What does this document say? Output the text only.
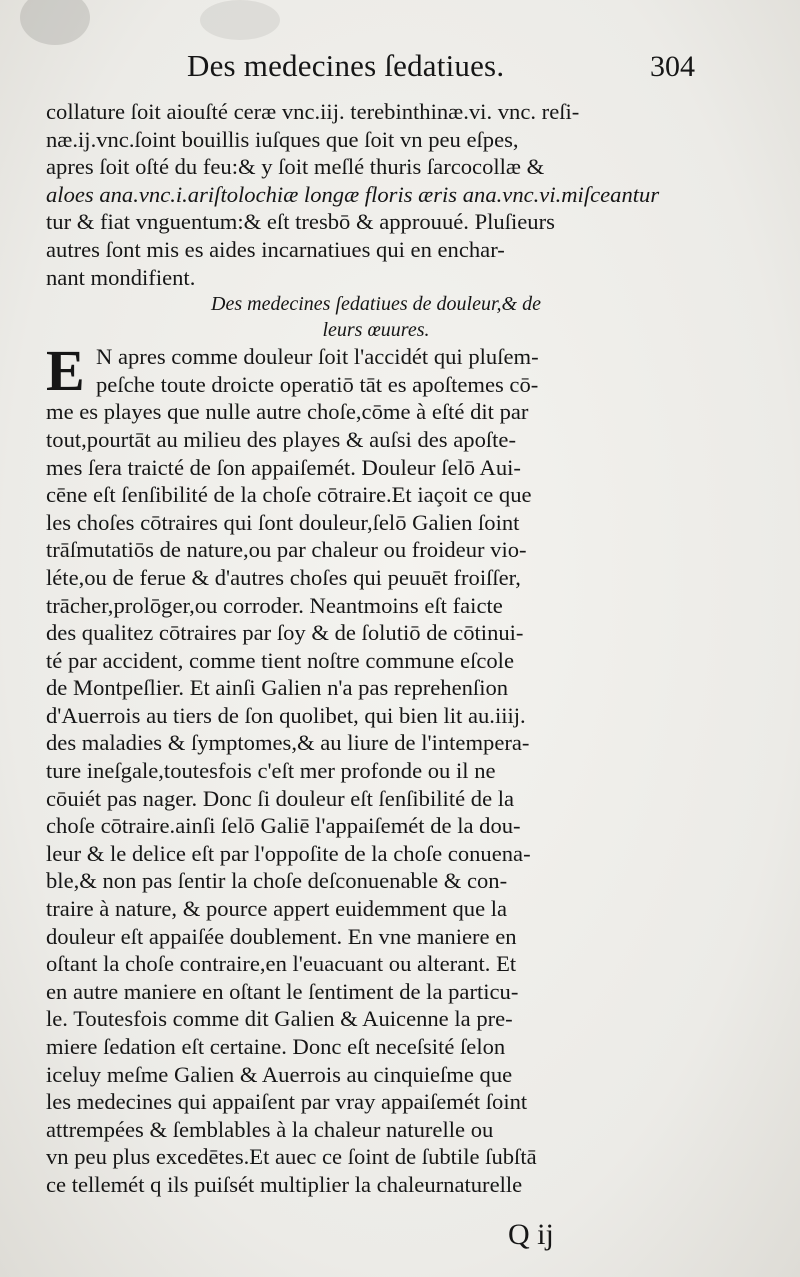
Des medecines ſedatiues.	304
collature ſoit aiouſté ceræ vnc.iij. terebinthinæ.vi. vnc. reſi-
næ.ij.vnc.ſoint bouillis iuſques que ſoit vn peu eſpes,
apres ſoit oſté du feu:& y ſoit meſlé thuris ſarcocollæ &
aloes ana.vnc.i.ariſtolochiæ longæ floris æris ana.vnc.vi.miſceantur
tur & fiat vnguentum:& eſt tresbō & approuué. Pluſieurs
autres ſont mis es aides incarnatiues qui en enchar-
nant mondifient.
Des medecines ſedatiues de douleur,& de
leurs œuures.
E N apres comme douleur ſoit l'accidét qui pluſem-
peſche toute droicte operatiō tāt es apoſtemes cō-
me es playes que nulle autre choſe,cōme à eſté dit par
tout,pourtāt au milieu des playes & auſsi des apoſte-
mes ſera traicté de ſon appaiſemét. Douleur ſelō Aui-
cēne eſt ſenſibilité de la choſe cōtraire.Et iaçoit ce que
les choſes cōtraires qui ſont douleur,ſelō Galien ſoint
trāſmutatiōs de nature,ou par chaleur ou froideur vio-
léte,ou de ferue & d'autres choſes qui peuuēt froiſſer,
trācher,prolōger,ou corroder. Neantmoins eſt faicte
des qualitez cōtraires par ſoy & de ſolutiō de cōtinui-
té par accident, comme tient noſtre commune eſcole
de Montpeſlier. Et ainſi Galien n'a pas reprehenſion
d'Auerrois au tiers de ſon quolibet, qui bien lit au.iiij.
des maladies & ſymptomes,& au liure de l'intempera-
ture ineſgale,toutesfois c'eſt mer profonde ou il ne
cōuiét pas nager. Donc ſi douleur eſt ſenſibilité de la
choſe cōtraire.ainſi ſelō Galiē l'appaiſemét de la dou-
leur & le delice eſt par l'oppoſite de la choſe conuena-
ble,& non pas ſentir la choſe deſconuenable & con-
traire à nature, & pource appert euidemment que la
douleur eſt appaiſée doublement. En vne maniere en
oſtant la choſe contraire,en l'euacuant ou alterant. Et
en autre maniere en oſtant le ſentiment de la particu-
le. Toutesfois comme dit Galien & Auicenne la pre-
miere ſedation eſt certaine. Donc eſt neceſsité ſelon
iceluy meſme Galien & Auerrois au cinquieſme que
les medecines qui appaiſent par vray appaiſemét ſoint
attrempées & ſemblables à la chaleur naturelle ou
vn peu plus excedētes.Et auec ce ſoint de ſubtile ſubſtā
ce tellemét q ils puiſsét multiplier la chaleurnaturelle
Q ij
